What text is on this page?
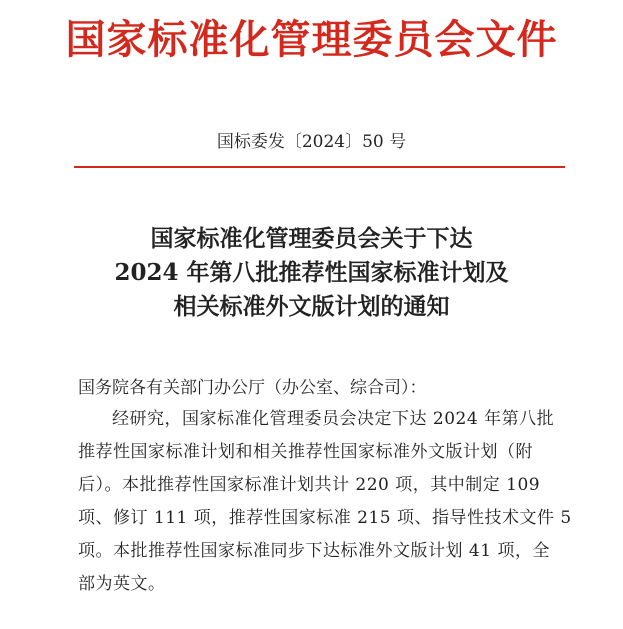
国家标准化管理委员会文件
国标委发〔2024〕50 号
国家标准化管理委员会关于下达
2024 年第八批推荐性国家标准计划及
相关标准外文版计划的通知
国务院各有关部门办公厅（办公室、综合司）：
经研究，国家标准化管理委员会决定下达 2024 年第八批
推荐性国家标准计划和相关推荐性国家标准外文版计划（附
后）。本批推荐性国家标准计划共计 220 项，其中制定 109
项、修订 111 项，推荐性国家标准 215 项、指导性技术文件 5
项。本批推荐性国家标准同步下达标准外文版计划 41 项，全
部为英文。
